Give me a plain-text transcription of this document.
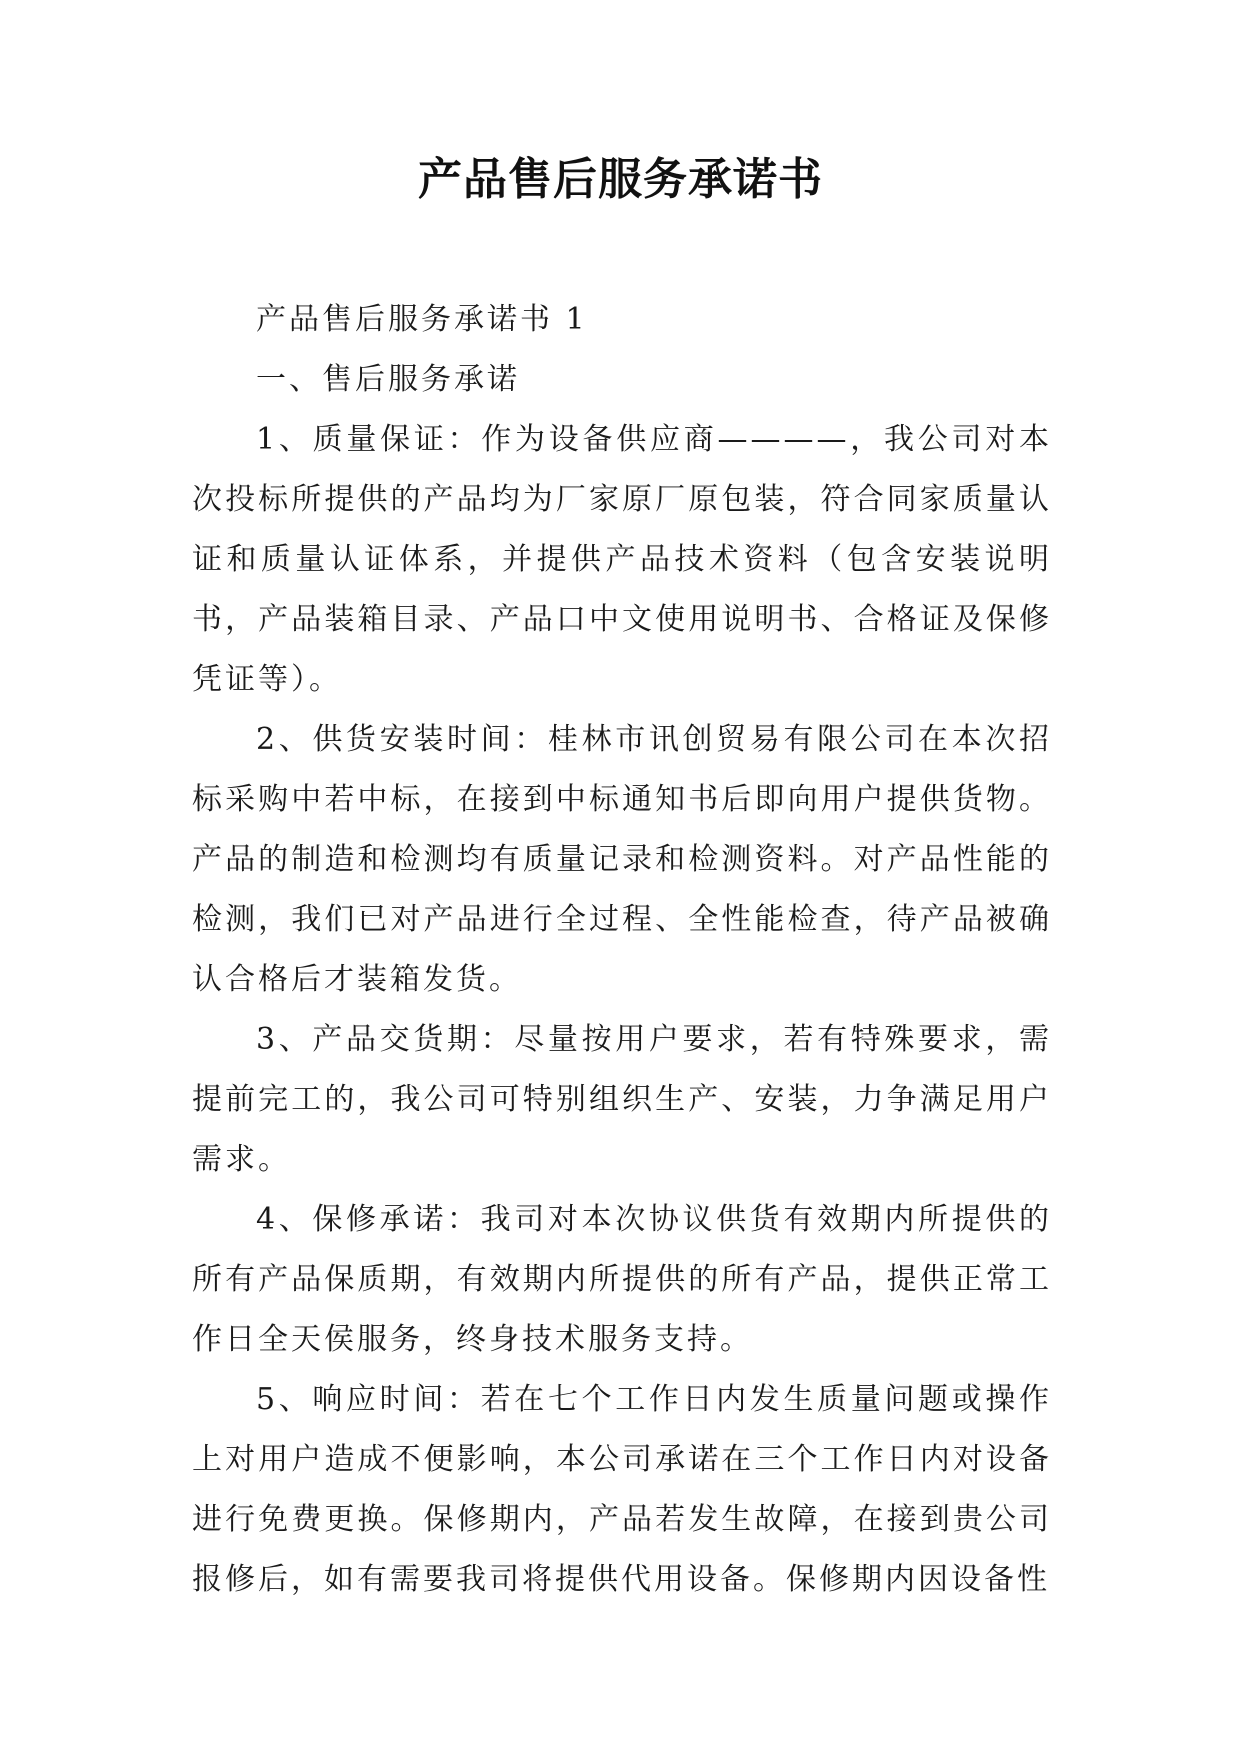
产品售后服务承诺书

产品售后服务承诺书 1

一、售后服务承诺

1、质量保证：作为设备供应商————，我公司对本次投标所提供的产品均为厂家原厂原包装，符合同家质量认证和质量认证体系，并提供产品技术资料（包含安装说明书，产品装箱目录、产品口中文使用说明书、合格证及保修凭证等）。

2、供货安装时间：桂林市讯创贸易有限公司在本次招标采购中若中标，在接到中标通知书后即向用户提供货物。产品的制造和检测均有质量记录和检测资料。对产品性能的检测，我们已对产品进行全过程、全性能检查，待产品被确认合格后才装箱发货。

3、产品交货期：尽量按用户要求，若有特殊要求，需提前完工的，我公司可特别组织生产、安装，力争满足用户需求。

4、保修承诺：我司对本次协议供货有效期内所提供的所有产品保质期，有效期内所提供的所有产品，提供正常工作日全天侯服务，终身技术服务支持。

5、响应时间：若在七个工作日内发生质量问题或操作上对用户造成不便影响，本公司承诺在三个工作日内对设备进行免费更换。保修期内，产品若发生故障，在接到贵公司报修后，如有需要我司将提供代用设备。保修期内因设备性
